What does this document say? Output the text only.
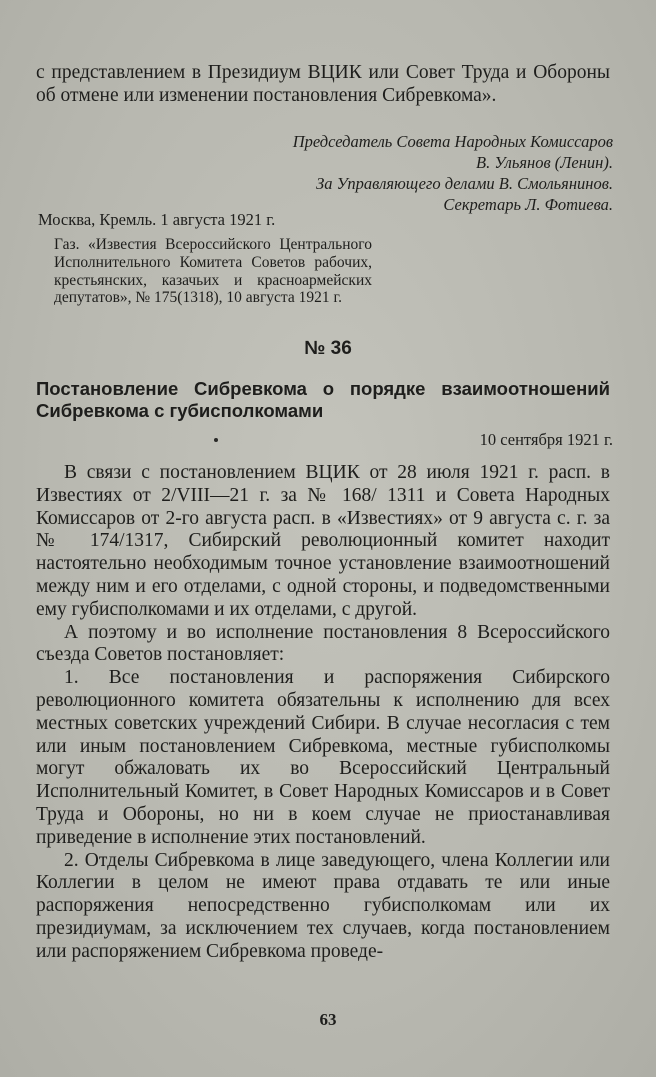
с представлением в Президиум ВЦИК или Совет Труда и Обороны об отмене или изменении постановления Сибревкома».

Председатель Совета Народных Комиссаров
В. Ульянов (Ленин).
За Управляющего делами В. Смольянинов.
Секретарь Л. Фотиева.
Москва, Кремль. 1 августа 1921 г.
Газ. «Известия Всероссийского Центрального Исполнительного Комитета Советов рабочих, крестьянских, казачьих и красноармейских депутатов», № 175(1318), 10 августа 1921 г.
№ 36
Постановление Сибревкома о порядке взаимоотношений Сибревкома с губисполкомами
10 сентября 1921 г.

В связи с постановлением ВЦИК от 28 июля 1921 г. расп. в Известиях от 2/VIII—21 г. за № 168/ 1311 и Совета Народных Комиссаров от 2-го августа расп. в «Известиях» от 9 августа с. г. за № 174/1317, Сибирский революционный комитет находит настоятельно необходимым точное установление взаимоотношений между ним и его отделами, с одной стороны, и подведомственными ему губисполкомами и их отделами, с другой.

А поэтому и во исполнение постановления 8 Всероссийского съезда Советов постановляет:

1. Все постановления и распоряжения Сибирского революционного комитета обязательны к исполнению для всех местных советских учреждений Сибири. В случае несогласия с тем или иным постановлением Сибревкома, местные губисполкомы могут обжаловать их во Всероссийский Центральный Исполнительный Комитет, в Совет Народных Комиссаров и в Совет Труда и Обороны, но ни в коем случае не приостанавливая приведение в исполнение этих постановлений.

2. Отделы Сибревкома в лице заведующего, члена Коллегии или Коллегии в целом не имеют права отдавать те или иные распоряжения непосредственно губисполкомам или их президиумам, за исключением тех случаев, когда постановлением или распоряжением Сибревкома проведе-

63
